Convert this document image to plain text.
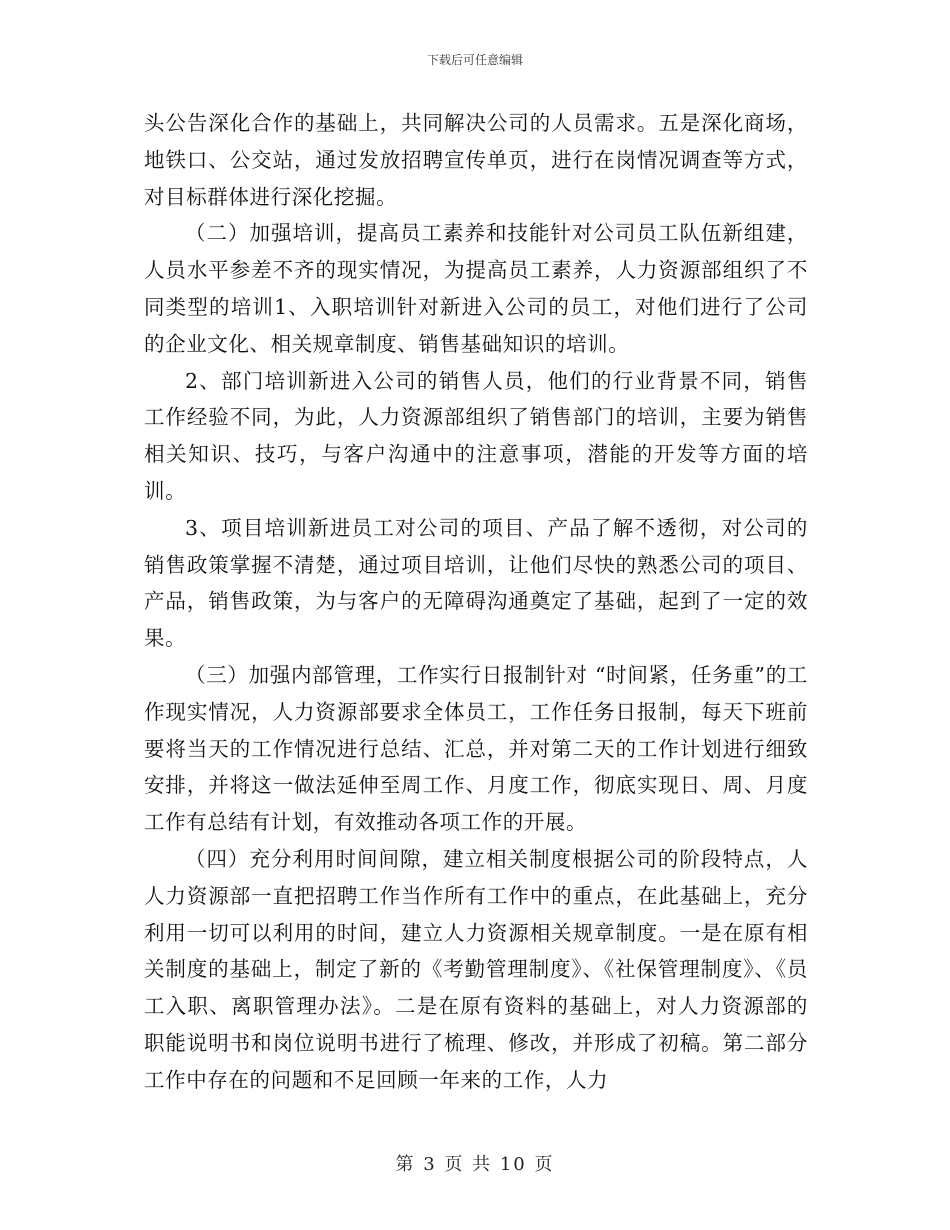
下载后可任意编辑

头公告深化合作的基础上，共同解决公司的人员需求。五是深化商场，地铁口、公交站，通过发放招聘宣传单页，进行在岗情况调查等方式，对目标群体进行深化挖掘。

（二）加强培训，提高员工素养和技能针对公司员工队伍新组建，人员水平参差不齐的现实情况，为提高员工素养，人力资源部组织了不同类型的培训1、入职培训针对新进入公司的员工，对他们进行了公司的企业文化、相关规章制度、销售基础知识的培训。

2、部门培训新进入公司的销售人员，他们的行业背景不同，销售工作经验不同，为此，人力资源部组织了销售部门的培训，主要为销售相关知识、技巧，与客户沟通中的注意事项，潜能的开发等方面的培训。

3、项目培训新进员工对公司的项目、产品了解不透彻，对公司的销售政策掌握不清楚，通过项目培训，让他们尽快的熟悉公司的项目、产品，销售政策，为与客户的无障碍沟通奠定了基础，起到了一定的效果。

（三）加强内部管理，工作实行日报制针对 “时间紧，任务重”的工作现实情况，人力资源部要求全体员工，工作任务日报制，每天下班前要将当天的工作情况进行总结、汇总，并对第二天的工作计划进行细致安排，并将这一做法延伸至周工作、月度工作，彻底实现日、周、月度工作有总结有计划，有效推动各项工作的开展。

（四）充分利用时间间隙，建立相关制度根据公司的阶段特点，人人力资源部一直把招聘工作当作所有工作中的重点，在此基础上，充分利用一切可以利用的时间，建立人力资源相关规章制度。一是在原有相关制度的基础上，制定了新的《考勤管理制度》、《社保管理制度》、《员工入职、离职管理办法》。二是在原有资料的基础上，对人力资源部的职能说明书和岗位说明书进行了梳理、修改，并形成了初稿。第二部分 工作中存在的问题和不足回顾一年来的工作，人力

第 3 页 共 10 页
